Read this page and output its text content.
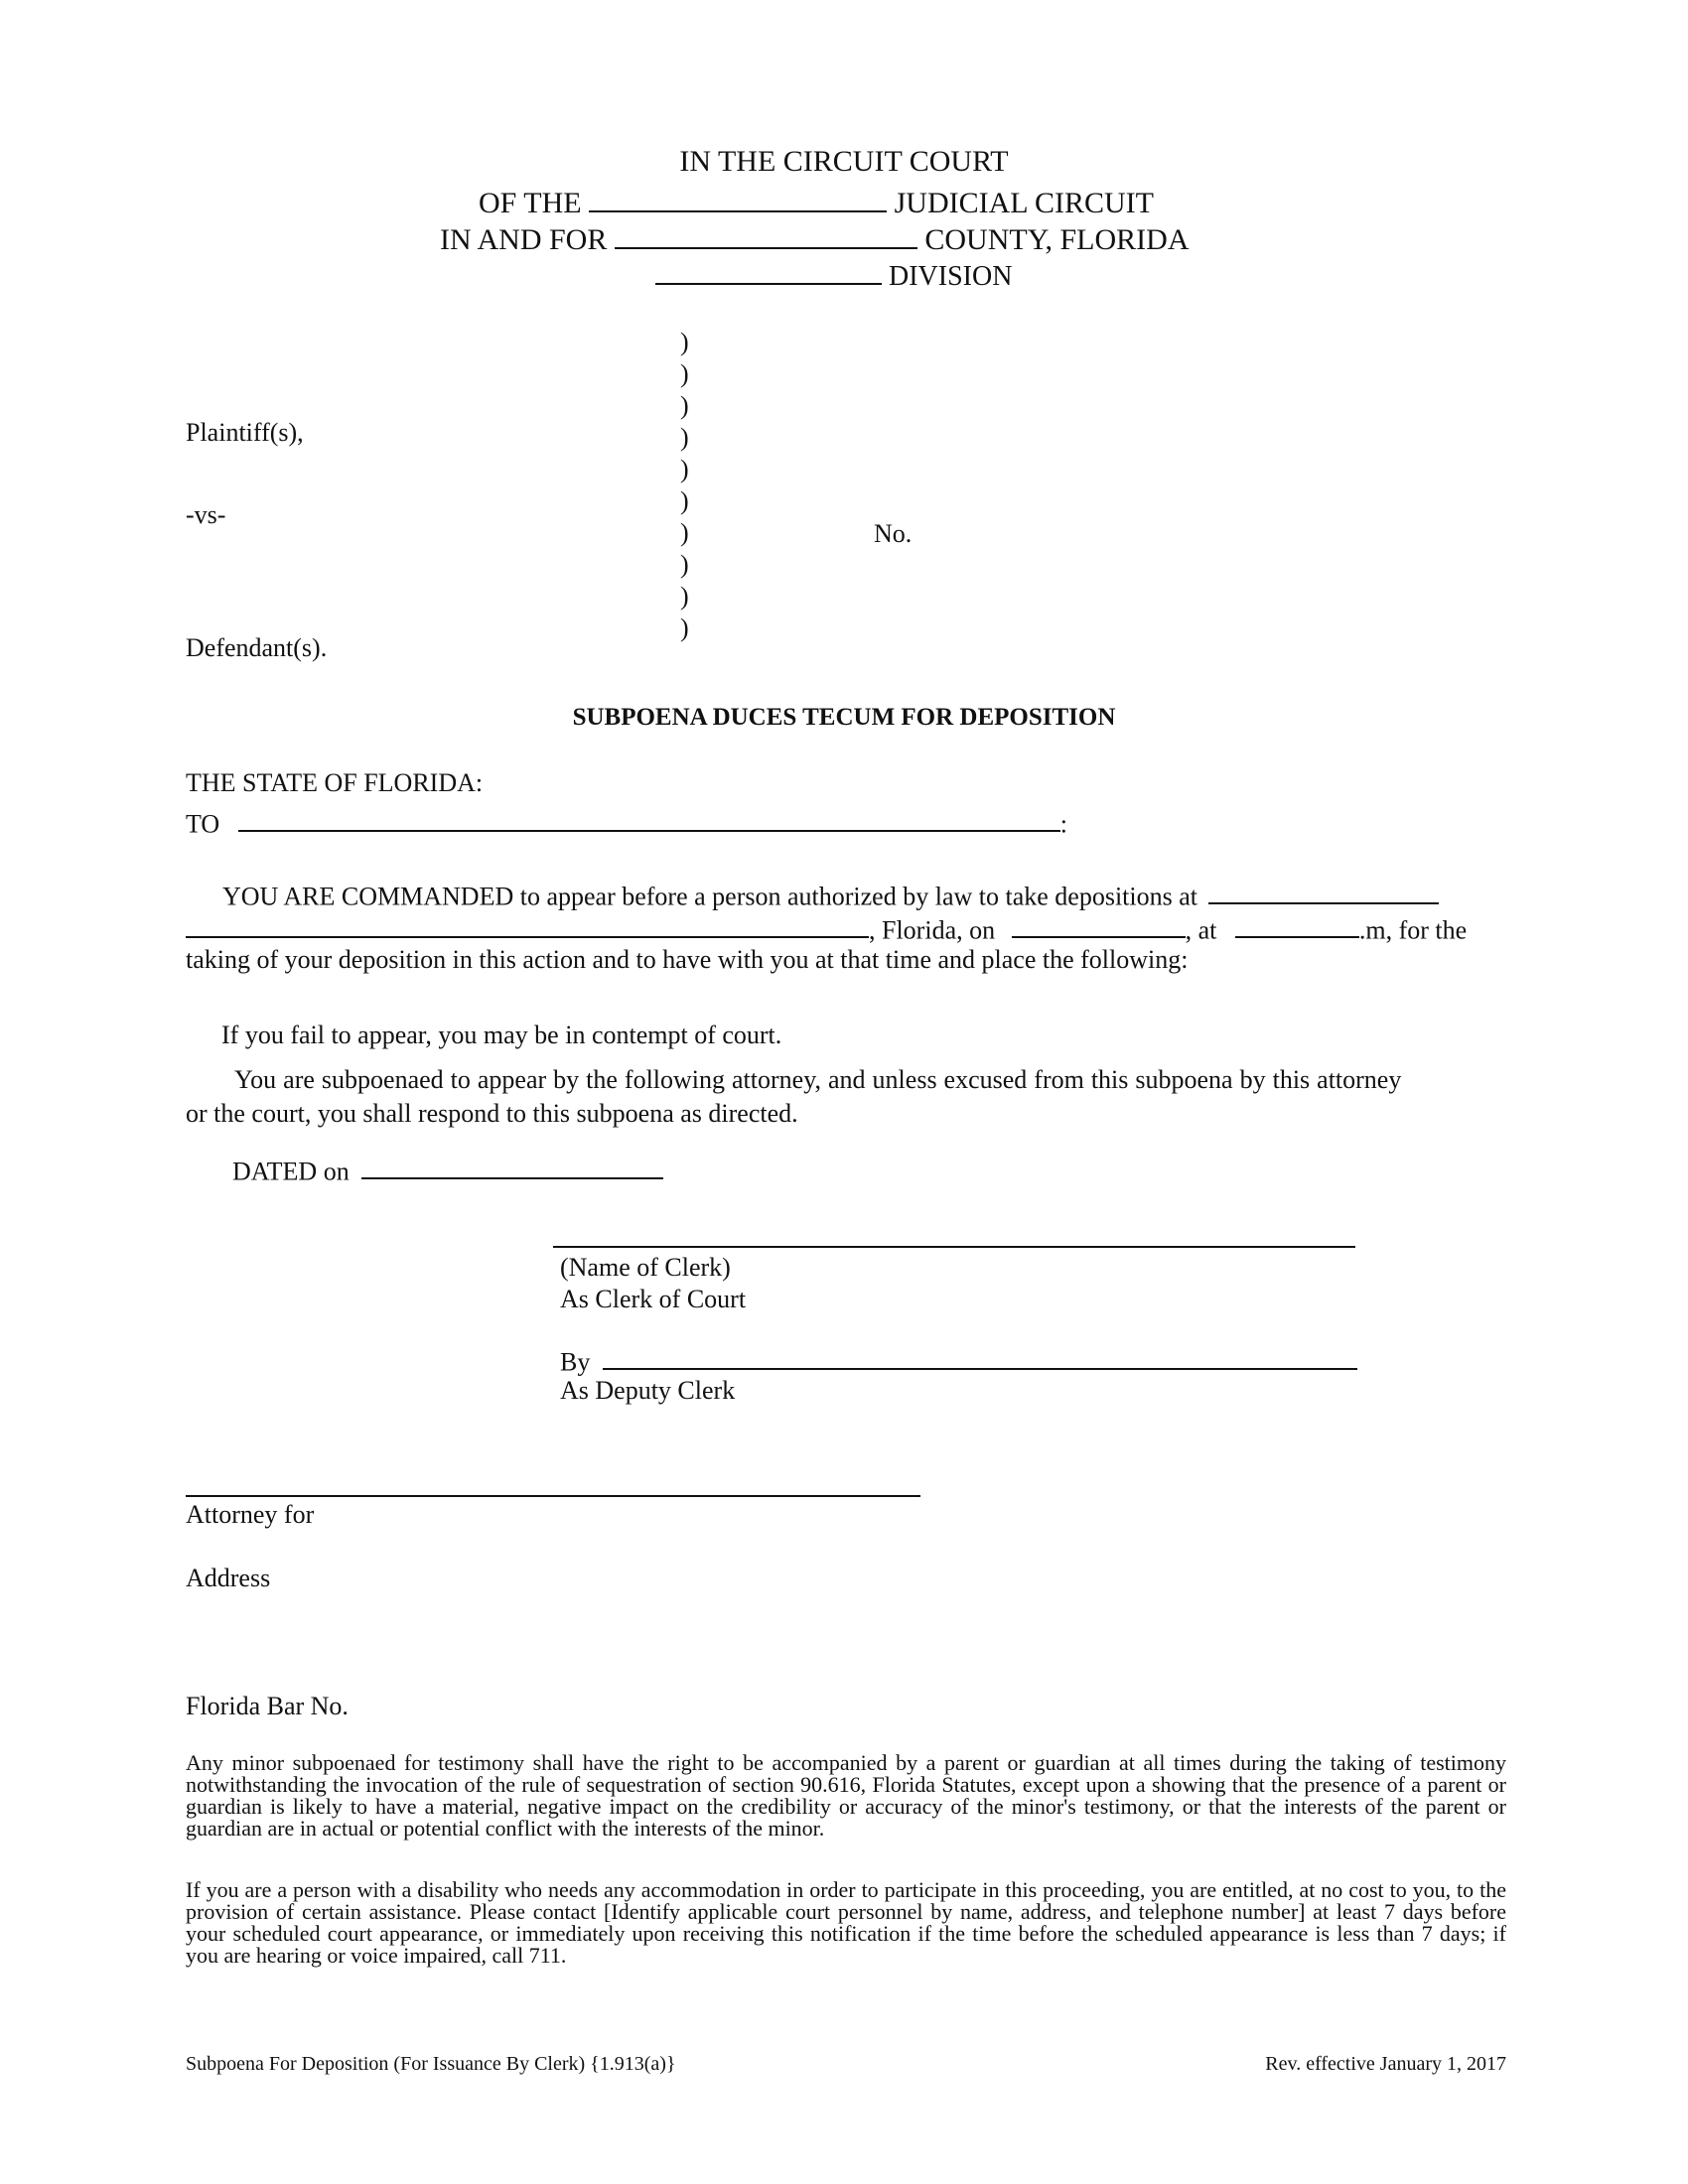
IN THE CIRCUIT COURT
OF THE	JUDICIAL CIRCUIT
IN AND FOR	COUNTY, FLORIDA
DIVISION
)
)
)
)
)
)
)
)
)
)
Plaintiff(s),
-vs-
No.
Defendant(s).
SUBPOENA DUCES TECUM FOR DEPOSITION
THE STATE OF FLORIDA:
TO	:
YOU ARE COMMANDED to appear before a person authorized by law to take depositions at
, Florida, on	, at	.m, for the
taking of your deposition in this action and to have with you at that time and place the following:
If you fail to appear, you may be in contempt of court.
You are subpoenaed to appear by the following attorney, and unless excused from this subpoena by this attorney
or the court, you shall respond to this subpoena as directed.
DATED on
(Name of Clerk)
As Clerk of Court
By
As Deputy Clerk
Attorney for
Address
Florida Bar No.
Any minor subpoenaed for testimony shall have the right to be accompanied by a parent or guardian at all times during the taking of testimony notwithstanding the invocation of the rule of sequestration of section 90.616, Florida Statutes, except upon a showing that the presence of a parent or guardian is likely to have a material, negative impact on the credibility or accuracy of the minor's testimony, or that the interests of the parent or guardian are in actual or potential conflict with the interests of the minor.
If you are a person with a disability who needs any accommodation in order to participate in this proceeding, you are entitled, at no cost to you, to the provision of certain assistance. Please contact [Identify applicable court personnel by name, address, and telephone number] at least 7 days before your scheduled court appearance, or immediately upon receiving this notification if the time before the scheduled appearance is less than 7 days; if you are hearing or voice impaired, call 711.
Subpoena For Deposition (For Issuance By Clerk) {1.913(a)}	Rev. effective January 1, 2017
